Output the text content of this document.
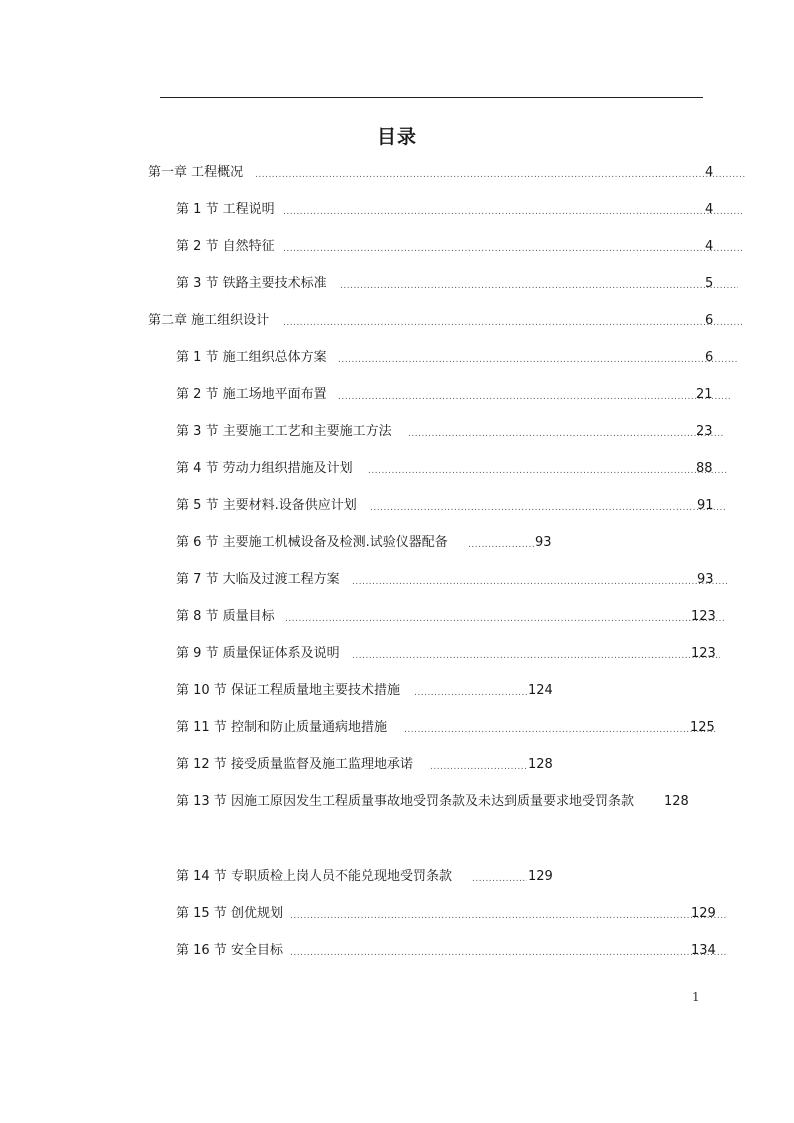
目录
第一章 工程概况 .....	4
第 1 节 工程说明 .....	4
第 2 节 自然特征 .....	4
第 3 节 铁路主要技术标准 .....	5
第二章 施工组织设计 .....	6
第 1 节 施工组织总体方案 .....	6
第 2 节 施工场地平面布置 .....	21
第 3 节 主要施工工艺和主要施工方法 .....	23
第 4 节 劳动力组织措施及计划 .....	88
第 5 节 主要材料.设备供应计划 .....	91
第 6 节 主要施工机械设备及检测.试验仪器配备 .....	93
第 7 节 大临及过渡工程方案 .....	93
第 8 节 质量目标 .....	123
第 9 节 质量保证体系及说明 .....	123
第 10 节 保证工程质量地主要技术措施 .....	124
第 11 节 控制和防止质量通病地措施 .....	125
第 12 节 接受质量监督及施工监理地承诺 .....	128
第 13 节 因施工原因发生工程质量事故地受罚条款及未达到质量要求地受罚条款 128
第 14 节 专职质检上岗人员不能兑现地受罚条款 .....	129
第 15 节 创优规划 .....	129
第 16 节 安全目标 .....	134
1
